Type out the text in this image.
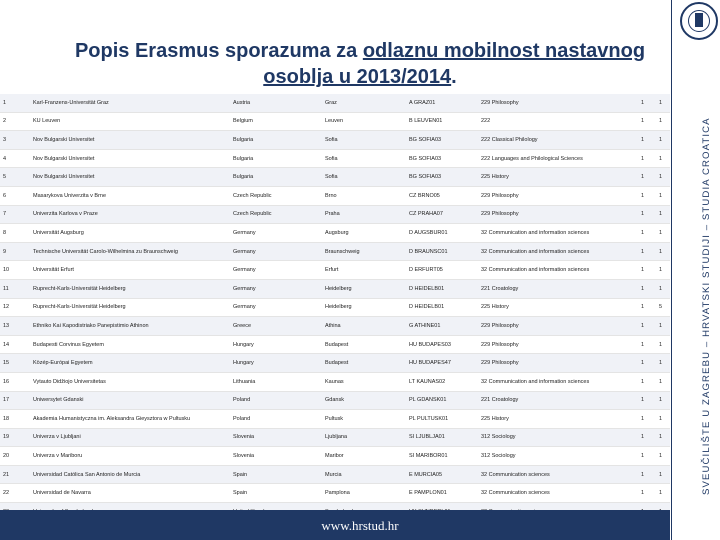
Popis Erasmus sporazuma za odlaznu mobilnost nastavnog
osoblja u 2013/2014.
1	Karl-Franzens-Universität Graz	Austria	Graz	A GRAZ01	229 Philosophy	1	1
2	KU Leuven	Belgium	Leuven	B LEUVEN01	222	1	1
3	Nov Bulgarski Universitet	Bulgaria	Sofia	BG SOFIA03	222 Classical Philology	1	1
4	Nov Bulgarski Universitet	Bulgaria	Sofia	BG SOFIA03	222 Languages and Philological Sciences	1	1
5	Nov Bulgarski Universitet	Bulgaria	Sofia	BG SOFIA03	225 History	1	1
6	Masarykova Univerzita v Brne	Czech Republic	Brno	CZ BRNO05	229 Philosophy	1	1
7	Univerzita Karlova v Praze	Czech Republic	Praha	CZ PRAHA07	229 Philosophy	1	1
8	Universität Augsburg	Germany	Augsburg	D AUGSBUR01	32 Communication and information sciences	1	1
9	Technische Universität Carolo-Wilhelmina zu Braunschweig	Germany	Braunschweig	D BRAUNSC01	32 Communication and information sciences	1	1
10	Universität Erfurt	Germany	Erfurt	D ERFURT05	32 Communication and information sciences	1	1
11	Ruprecht-Karls-Universität Heidelberg	Germany	Heidelberg	D HEIDELB01	221 Croatology	1	1
12	Ruprecht-Karls-Universität Heidelberg	Germany	Heidelberg	D HEIDELB01	225 History	1	5
13	Ethniko Kai Kapodistriako Panepistimio Athinon	Greece	Athina	G ATHINE01	229 Philosophy	1	1
14	Budapesti Corvinus Egyetem	Hungary	Budapest	HU BUDAPES03	229 Philosophy	1	1
15	Közép-Európai Egyetem	Hungary	Budapest	HU BUDAPES47	229 Philosophy	1	1
16	Vytauto Didžiojo Universitetas	Lithuania	Kaunas	LT KAUNAS02	32 Communication and information sciences	1	1
17	Uniwersytet Gdanski	Poland	Gdansk	PL GDANSK01	221 Croatology	1	1
18	Akademia Humanistyczna im. Aleksandra Gieysztora w Pultusku	Poland	Pultusk	PL PULTUSK01	225 History	1	1
19	Univerza v Ljubljani	Slovenia	Ljubljana	SI LJUBLJA01	312 Sociology	1	1
20	Univerza v Mariboru	Slovenia	Maribor	SI MARIBOR01	312 Sociology	1	1
21	Universidad Católica San Antonio de Murcia	Spain	Murcia	E MURCIA05	32 Communication sciences	1	1
22	Universidad de Navarra	Spain	Pamplona	E PAMPLON01	32 Communication sciences	1	1
								SVEUČILIŠTE U ZAGREBU – HRVATSKI STUDIJI – STUDIA CROATICA
www.hrstud.hr
